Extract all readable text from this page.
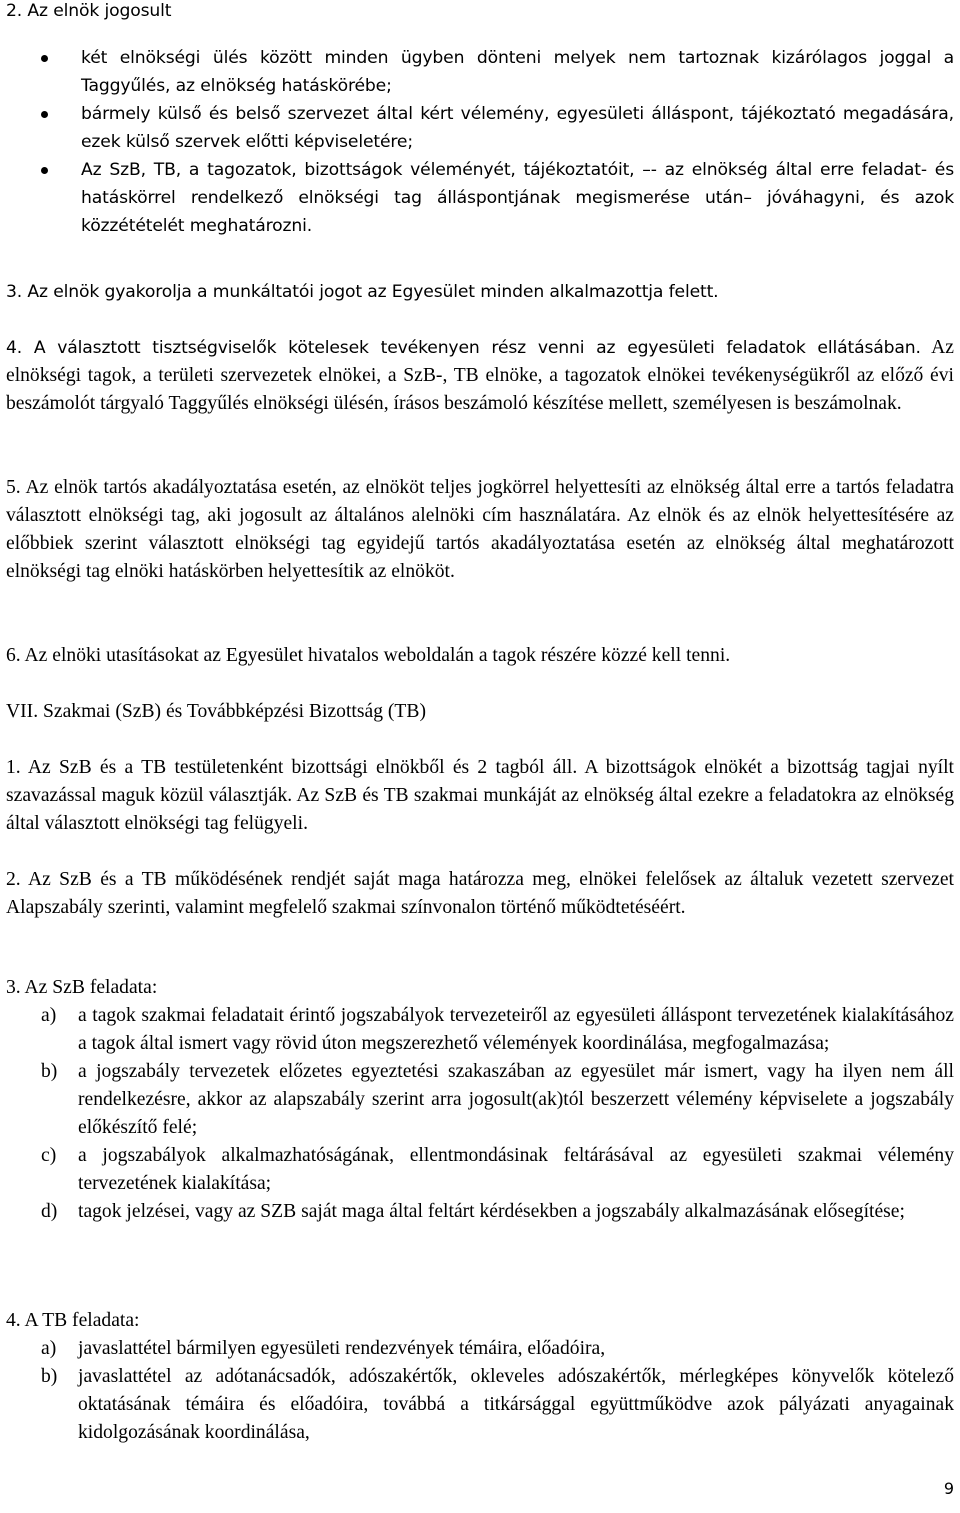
2. Az elnök jogosult

két elnökségi ülés között minden ügyben dönteni melyek nem tartoznak kizárólagos joggal a Taggyűlés, az elnökség hatáskörébe;
bármely külső és belső szervezet által kért vélemény, egyesületi álláspont, tájékoztató megadására, ezek külső szervek előtti képviseletére;
Az SzB, TB, a tagozatok, bizottságok véleményét, tájékoztatóit, –- az elnökség által erre feladat- és hatáskörrel rendelkező elnökségi tag álláspontjának megismerése után– jóváhagyni, és azok közzétételét meghatározni.

3. Az elnök gyakorolja a munkáltatói jogot az Egyesület minden alkalmazottja felett.

4. A választott tisztségviselők kötelesek tevékenyen rész venni az egyesületi feladatok ellátásában. Az elnökségi tagok, a területi szervezetek elnökei, a SzB-, TB elnöke, a tagozatok elnökei tevékenységükről az előző évi beszámolót tárgyaló Taggyűlés elnökségi ülésén, írásos beszámoló készítése mellett, személyesen is beszámolnak.

5. Az elnök tartós akadályoztatása esetén, az elnököt teljes jogkörrel helyettesíti az elnökség által erre a tartós feladatra választott elnökségi tag, aki jogosult az általános alelnöki cím használatára. Az elnök és az elnök helyettesítésére az előbbiek szerint választott elnökségi tag egyidejű tartós akadályoztatása esetén az elnökség által meghatározott elnökségi tag elnöki hatáskörben helyettesítik az elnököt.

6. Az elnöki utasításokat az Egyesület hivatalos weboldalán a tagok részére közzé kell tenni.

VII. Szakmai (SzB) és Továbbképzési Bizottság (TB)

1. Az SzB és a TB testületenként bizottsági elnökből és 2 tagból áll. A bizottságok elnökét a bizottság tagjai nyílt szavazással maguk közül választják. Az SzB és TB szakmai munkáját az elnökség által ezekre a feladatokra az elnökség által választott elnökségi tag felügyeli.

2. Az SzB és a TB működésének rendjét saját maga határozza meg, elnökei felelősek az általuk vezetett szervezet Alapszabály szerinti, valamint megfelelő szakmai színvonalon történő működtetéséért.

3. Az SzB feladata:

a) a tagok szakmai feladatait érintő jogszabályok tervezeteiről az egyesületi álláspont tervezetének kialakításához a tagok által ismert vagy rövid úton megszerezhető vélemények koordinálása, megfogalmazása;
b) a jogszabály tervezetek előzetes egyeztetési szakaszában az egyesület már ismert, vagy ha ilyen nem áll rendelkezésre, akkor az alapszabály szerint arra jogosult(ak)tól beszerzett vélemény képviselete a jogszabály előkészítő felé;
c) a jogszabályok alkalmazhatóságának, ellentmondásinak feltárásával az egyesületi szakmai vélemény tervezetének kialakítása;
d) tagok jelzései, vagy az SZB saját maga által feltárt kérdésekben a jogszabály alkalmazásának elősegítése;

4. A TB feladata:

a) javaslattétel bármilyen egyesületi rendezvények témáira, előadóira,
b) javaslattétel az adótanácsadók, adószakértők, okleveles adószakértők, mérlegképes könyvelők kötelező oktatásának témáira és előadóira, továbbá a titkársággal együttműködve azok pályázati anyagainak kidolgozásának koordinálása,
9
